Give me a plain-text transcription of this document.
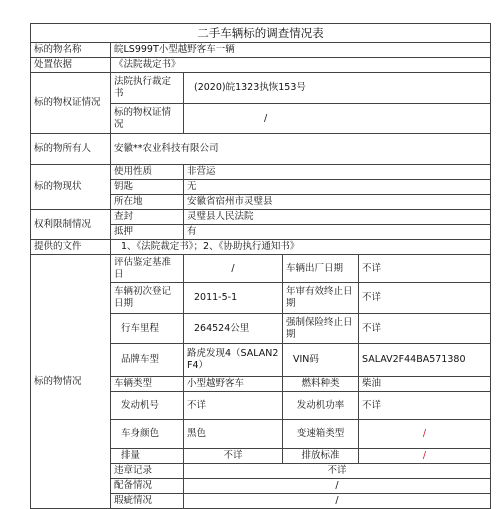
二手车辆标的调查情况表				
标的物名称	皖LS999T小型越野客车一辆			
处置依据	《法院裁定书》			
标的物权证情况	法院执行裁定书	(2020)皖1323执恢153号		
	标的物权证情况	/		
标的物所有人	安徽**农业科技有限公司			
标的物现状	使用性质	非营运		
	钥匙	无		
	所在地	安徽省宿州市灵璧县		
权利限制情况	查封	灵璧县人民法院		
	抵押	有		
提供的文件	1、《法院裁定书》；2、《协助执行通知书》			
标的物情况	评估鉴定基准日	/	车辆出厂日期	不详
	车辆初次登记日期	2011-5-1	年审有效终止日期	不详
	行车里程	264524公里	强制保险终止日期	不详
	品牌车型	路虎发现4（SALAN2F4）	VIN码	SALAV2F44BA571380
	车辆类型	小型越野客车	燃料种类	柴油
	发动机号	不详	发动机功率	不详
	车身颜色	黑色	变速箱类型	/
	排量	不详	排放标准	/
	违章记录	不详		
	配备情况	/		
	瑕疵情况	/		
